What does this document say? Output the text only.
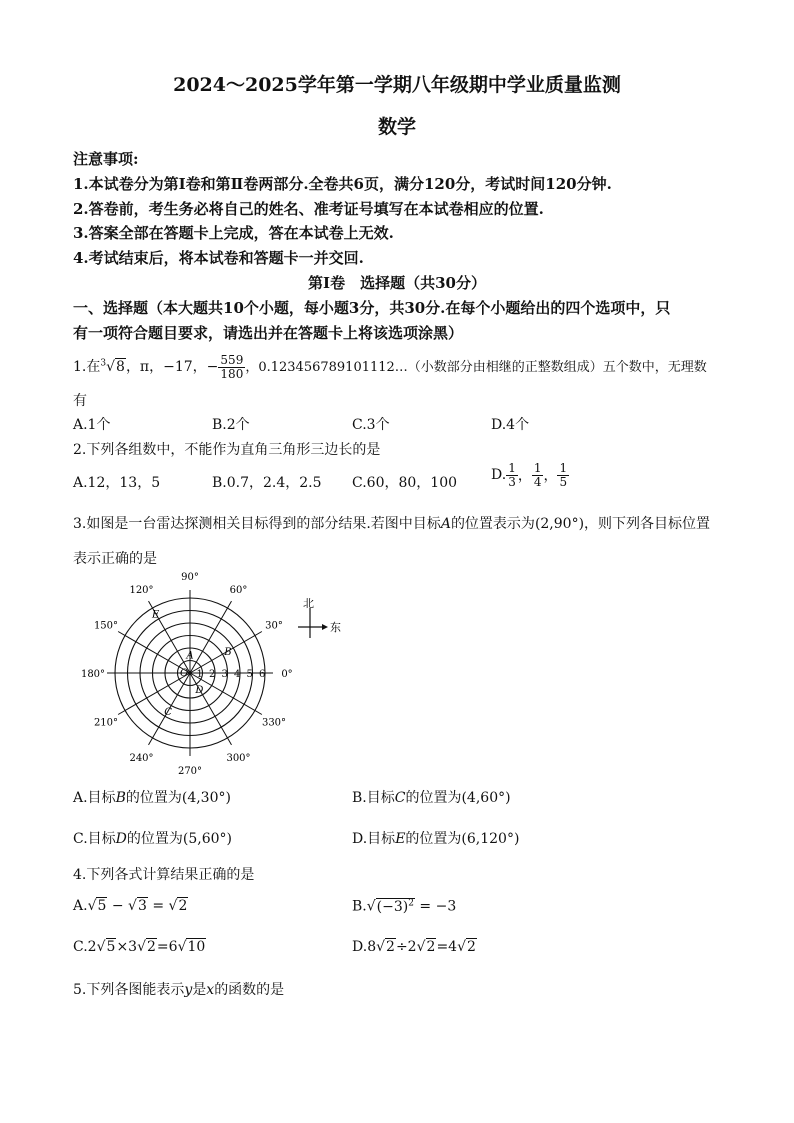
2024～2025学年第一学期八年级期中学业质量监测
数学
注意事项:
1.本试卷分为第Ⅰ卷和第Ⅱ卷两部分.全卷共6页，满分120分，考试时间120分钟.
2.答卷前，考生务必将自己的姓名、准考证号填写在本试卷相应的位置.
3.答案全部在答题卡上完成，答在本试卷上无效.
4.考试结束后，将本试卷和答题卡一并交回.
第Ⅰ卷　选择题（共30分）
一、选择题（本大题共10个小题，每小题3分，共30分.在每个小题给出的四个选项中，只
有一项符合题目要求，请选出并在答题卡上将该选项涂黑）
1.在$^3$√8，π，−17，− $\frac{559}{180}$ ，0.123456789101112…（小数部分由相继的正整数组成）五个数中，无理数
有
A.1个	B.2个	C.3个	D.4个
2.下列各组数中，不能作为直角三角形三边长的是
A.12，13，5	B.0.7，2.4，2.5 C.60，80，100 D. $\frac{1}{3}$ ， $\frac{1}{4}$ ， $\frac{1}{5}$
3.如图是一台雷达探测相关目标得到的部分结果.若图中目标A的位置表示为(2,90°)，则下列各目标位置
表示正确的是
1 2 3 4 5 6 0°
30°
60°
90°
120°
150°
180°
210°
240°
270°
300°
330°
A	B
C
D
E
O
北
东
A.目标B的位置为(4,30°)	B.目标C的位置为(4,60°)
C.目标D的位置为(5,60°)	D.目标E的位置为(6,120°)
4.下列各式计算结果正确的是
A.√5 − √3 = √2	$B.√(-3)^2 = -3$
C.2√5×3√2=6√10	D.8√2÷2√2=4√2
5.下列各图能表示y是x的函数的是
